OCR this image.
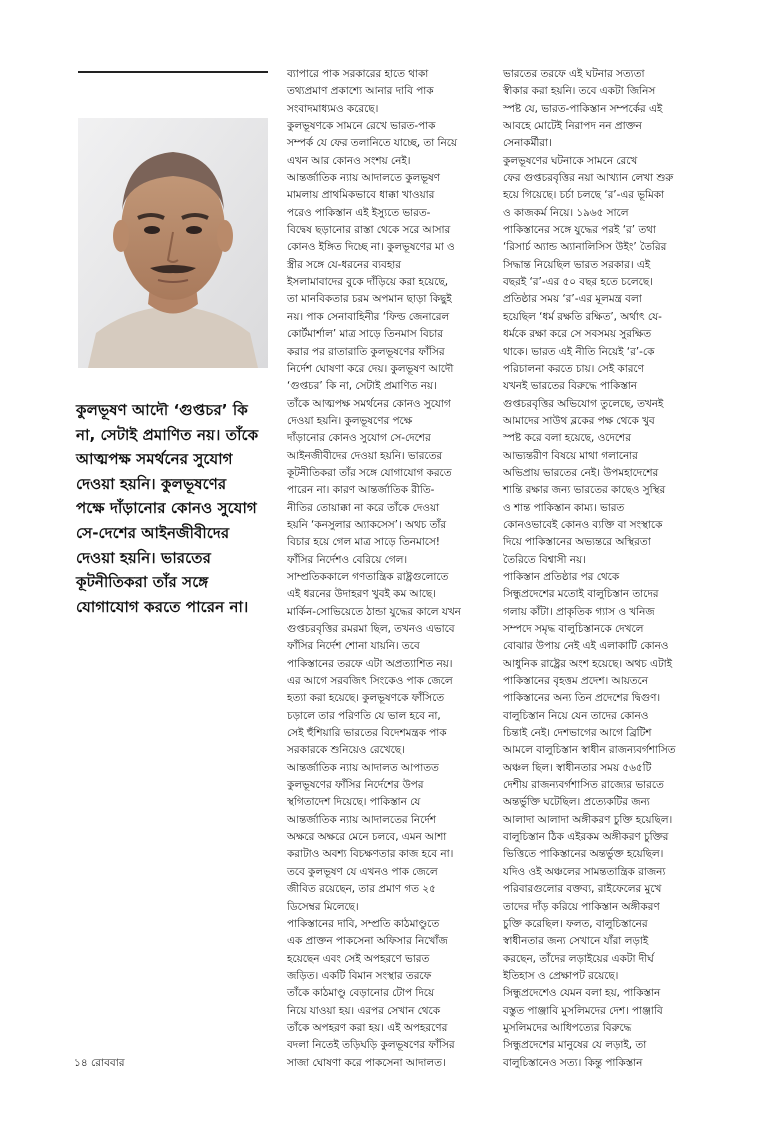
কুলভূষণ আদৌ ‘গুপ্তচর’ কি
না, সেটাই প্রমাণিত নয়। তাঁকে
আত্মপক্ষ সমর্থনের সুযোগ
দেওয়া হয়নি। কুলভূষণের
পক্ষে দাঁড়ানোর কোনও সুযোগ
সে-দেশের আইনজীবীদের
দেওয়া হয়নি। ভারতের
কূটনীতিকরা তাঁর সঙ্গে
যোগাযোগ করতে পারেন না।
ব্যাপারে পাক সরকারের হাতে থাকা
তথ্যপ্রমাণ প্রকাশ্যে আনার দাবি পাক
সংবাদমাধ্যমও করেছে।
কুলভূষণকে সামনে রেখে ভারত-পাক
সম্পর্ক যে ফের তলানিতে যাচ্ছে, তা নিয়ে
এখন আর কোনও সংশয় নেই।
আন্তর্জাতিক ন্যায় আদালতে কুলভূষণ
মামলায় প্রাথমিকভাবে ধাক্কা খাওয়ার
পরেও পাকিস্তান এই ইস্যুতে ভারত-
বিদ্বেষ ছড়ানোর রাস্তা থেকে সরে আসার
কোনও ইঙ্গিত দিচ্ছে না। কুলভূষণের মা ও
স্ত্রীর সঙ্গে যে-ধরনের ব্যবহার
ইসলামাবাদের বুকে দাঁড়িয়ে করা হয়েছে,
তা মানবিকতার চরম অপমান ছাড়া কিছুই
নয়। পাক সেনাবাহিনীর ‘ফিল্ড জেনারেল
কোর্টমার্শাল’ মাত্র সাড়ে তিনমাস বিচার
করার পর রাতারাতি কুলভূষণের ফাঁসির
নির্দেশ ঘোষণা করে দেয়। কুলভূষণ আদৌ
‘গুপ্তচর’ কি না, সেটাই প্রমাণিত নয়।
তাঁকে আত্মপক্ষ সমর্থনের কোনও সুযোগ
দেওয়া হয়নি। কুলভূষণের পক্ষে
দাঁড়ানোর কোনও সুযোগ সে-দেশের
আইনজীবীদের দেওয়া হয়নি। ভারতের
কূটনীতিকরা তাঁর সঙ্গে যোগাযোগ করতে
পারেন না। কারণ আন্তর্জাতিক রীতি-
নীতির তোয়াক্কা না করে তাঁকে দেওয়া
হয়নি ‘কনসুলার অ্যাকসেস’। অথচ তাঁর
বিচার হয়ে গেল মাত্র সাড়ে তিনমাসে!
ফাঁসির নির্দেশও বেরিয়ে গেল।
সাম্প্রতিককালে গণতান্ত্রিক রাষ্ট্রগুলোতে
এই ধরনের উদাহরণ খুবই কম আছে।
মার্কিন-সোভিয়েতে ঠান্ডা যুদ্ধের কালে যখন
গুপ্তচরবৃত্তির রমরমা ছিল, তখনও এভাবে
ফাঁসির নির্দেশ শোনা যায়নি। তবে
পাকিস্তানের তরফে এটা অপ্রত্যাশিত নয়।
এর আগে সরবজিৎ সিংকেও পাক জেলে
হত্যা করা হয়েছে। কুলভূষণকে ফাঁসিতে
চড়ালে তার পরিণতি যে ভাল হবে না,
সেই হুঁশিয়ারি ভারতের বিদেশমন্ত্রক পাক
সরকারকে শুনিয়েও রেখেছে।
আন্তর্জাতিক ন্যায় আদালত আপাতত
কুলভূষণের ফাঁসির নির্দেশের উপর
স্থগিতাদেশ দিয়েছে। পাকিস্তান যে
আন্তর্জাতিক ন্যায় আদালতের নির্দেশ
অক্ষরে অক্ষরে মেনে চলবে, এমন আশা
করাটাও অবশ্য বিচক্ষণতার কাজ হবে না।
তবে কুলভূষণ যে এখনও পাক জেলে
জীবিত রয়েছেন, তার প্রমাণ গত ২৫
ডিসেম্বর মিলেছে।
পাকিস্তানের দাবি, সম্প্রতি কাঠমাণ্ডুতে
এক প্রাক্তন পাকসেনা অফিসার নিখোঁজ
হয়েছেন এবং সেই অপহরণে ভারত
জড়িত। একটি বিমান সংস্থার তরফে
তাঁকে কাঠমাণ্ডু বেড়ানোর টোপ দিয়ে
নিয়ে যাওয়া হয়। এরপর সেখান থেকে
তাঁকে অপহরণ করা হয়। এই অপহরণের
বদলা নিতেই তড়িঘড়ি কুলভূষণের ফাঁসির
সাজা ঘোষণা করে পাকসেনা আদালত।
ভারতের তরফে এই ঘটনার সত্যতা
স্বীকার করা হয়নি। তবে একটা জিনিস
স্পষ্ট যে, ভারত-পাকিস্তান সম্পর্কের এই
আবহে মোটেই নিরাপদ নন প্রাক্তন
সেনাকর্মীরা।
কুলভূষণের ঘটনাকে সামনে রেখে
ফের গুপ্তচরবৃত্তির নয়া আখ্যান লেখা শুরু
হয়ে গিয়েছে। চর্চা চলছে ‘র’-এর ভূমিকা
ও কাজকর্ম নিয়ে। ১৯৬৫ সালে
পাকিস্তানের সঙ্গে যুদ্ধের পরই ‘র’ তথা
‘রিসার্চ অ্যান্ড অ্যানালিসিস উইং’ তৈরির
সিদ্ধান্ত নিয়েছিল ভারত সরকার। এই
বছরই ‘র’-এর ৫০ বছর হতে চলেছে।
প্রতিষ্ঠার সময় ‘র’-এর মূলমন্ত্র বলা
হয়েছিল ‘ধর্ম রক্ষতি রক্ষিত’, অর্থাৎ যে-
ধর্মকে রক্ষা করে সে সবসময় সুরক্ষিত
থাকে। ভারত এই নীতি নিয়েই ‘র’-কে
পরিচালনা করতে চায়। সেই কারণে
যখনই ভারতের বিরুদ্ধে পাকিস্তান
গুপ্তচরবৃত্তির অভিযোগ তুলেছে, তখনই
আমাদের সাউথ ব্লকের পক্ষ থেকে খুব
স্পষ্ট করে বলা হয়েছে, ওদেশের
আভ্যন্তরীণ বিষয়ে মাথা গলানোর
অভিপ্রায় ভারতের নেই। উপমহাদেশের
শান্তি রক্ষার জন্য ভারতের কাছেও সুস্থির
ও শান্ত পাকিস্তান কাম্য। ভারত
কোনওভাবেই কোনও ব্যক্তি বা সংস্থাকে
দিয়ে পাকিস্তানের অভ্যন্তরে অস্থিরতা
তৈরিতে বিশ্বাসী নয়।
পাকিস্তান প্রতিষ্ঠার পর থেকে
সিন্ধুপ্রদেশের মতোই বালুচিস্তান তাদের
গলায় কাঁটা। প্রাকৃতিক গ্যাস ও খনিজ
সম্পদে সমৃদ্ধ বালুচিস্তানকে দেখলে
বোঝার উপায় নেই এই এলাকাটি কোনও
আধুনিক রাষ্ট্রের অংশ হয়েছে। অথচ এটাই
পাকিস্তানের বৃহত্তম প্রদেশ। আয়তনে
পাকিস্তানের অন্য তিন প্রদেশের দ্বিগুণ।
বালুচিস্তান নিয়ে যেন তাদের কোনও
চিন্তাই নেই। দেশভাগের আগে ব্রিটিশ
আমলে বালুচিস্তান স্বাধীন রাজন্যবর্গশাসিত
অঞ্চল ছিল। স্বাধীনতার সময় ৫৬৫টি
দেশীয় রাজন্যবর্গশাসিত রাজ্যের ভারতে
অন্তর্ভুক্তি ঘটেছিল। প্রত্যেকটির জন্য
আলাদা আলাদা অঙ্গীকরণ চুক্তি হয়েছিল।
বালুচিস্তান ঠিক এইরকম অঙ্গীকরণ চুক্তির
ভিত্তিতে পাকিস্তানের অন্তর্ভুক্ত হয়েছিল।
যদিও ওই অঞ্চলের সামন্ততান্ত্রিক রাজন্য
পরিবারগুলোর বক্তব্য, রাইফেলের মুখে
তাদের দাঁড় করিয়ে পাকিস্তান অঙ্গীকরণ
চুক্তি করেছিল। ফলত, বালুচিস্তানের
স্বাধীনতার জন্য সেখানে যাঁরা লড়াই
করছেন, তাঁদের লড়াইয়ের একটা দীর্ঘ
ইতিহাস ও প্রেক্ষাপট রয়েছে।
সিন্ধুপ্রদেশেও যেমন বলা হয়, পাকিস্তান
বস্তুত পাঞ্জাবি মুসলিমদের দেশ। পাঞ্জাবি
মুসলিমদের আধিপত্যের বিরুদ্ধে
সিন্ধুপ্রদেশের মানুষের যে লড়াই, তা
বালুচিস্তানেও সত্য। কিন্তু পাকিস্তান
১৪ রোববার
